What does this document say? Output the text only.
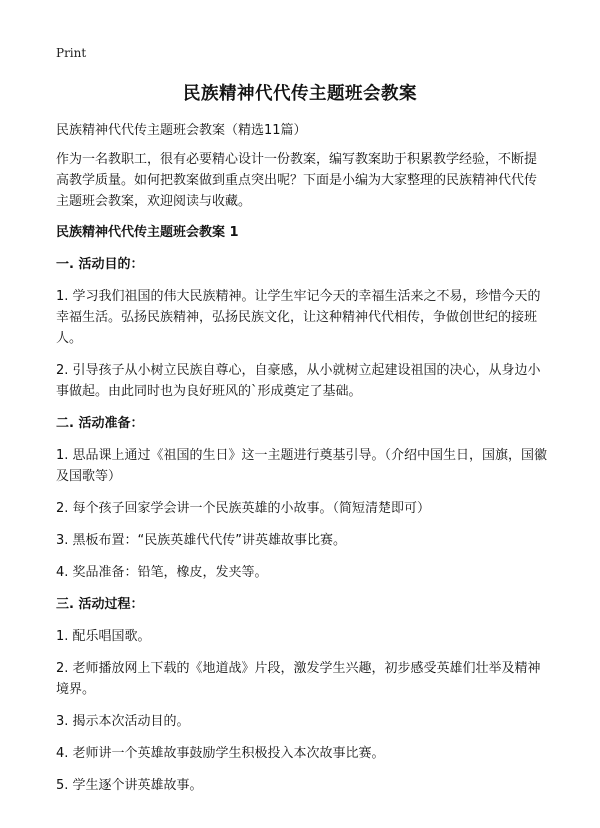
Print
民族精神代代传主题班会教案

民族精神代代传主题班会教案（精选11篇）

作为一名教职工，很有必要精心设计一份教案，编写教案助于积累教学经验，不断提高教学质量。如何把教案做到重点突出呢？下面是小编为大家整理的民族精神代代传主题班会教案，欢迎阅读与收藏。

民族精神代代传主题班会教案 1

一. 活动目的：

1. 学习我们祖国的伟大民族精神。让学生牢记今天的幸福生活来之不易，珍惜今天的幸福生活。弘扬民族精神，弘扬民族文化，让这种精神代代相传，争做创世纪的接班人。

2. 引导孩子从小树立民族自尊心，自豪感，从小就树立起建设祖国的决心，从身边小事做起。由此同时也为良好班风的`形成奠定了基础。

二. 活动准备：

1. 思品课上通过《祖国的生日》这一主题进行奠基引导。（介绍中国生日，国旗，国徽及国歌等）

2. 每个孩子回家学会讲一个民族英雄的小故事。（简短清楚即可）

3. 黑板布置：“民族英雄代代传”讲英雄故事比赛。

4. 奖品准备：铅笔，橡皮，发夹等。

三. 活动过程：

1. 配乐唱国歌。

2. 老师播放网上下载的《地道战》片段，激发学生兴趣，初步感受英雄们壮举及精神境界。

3. 揭示本次活动目的。

4. 老师讲一个英雄故事鼓励学生积极投入本次故事比赛。

5. 学生逐个讲英雄故事。
